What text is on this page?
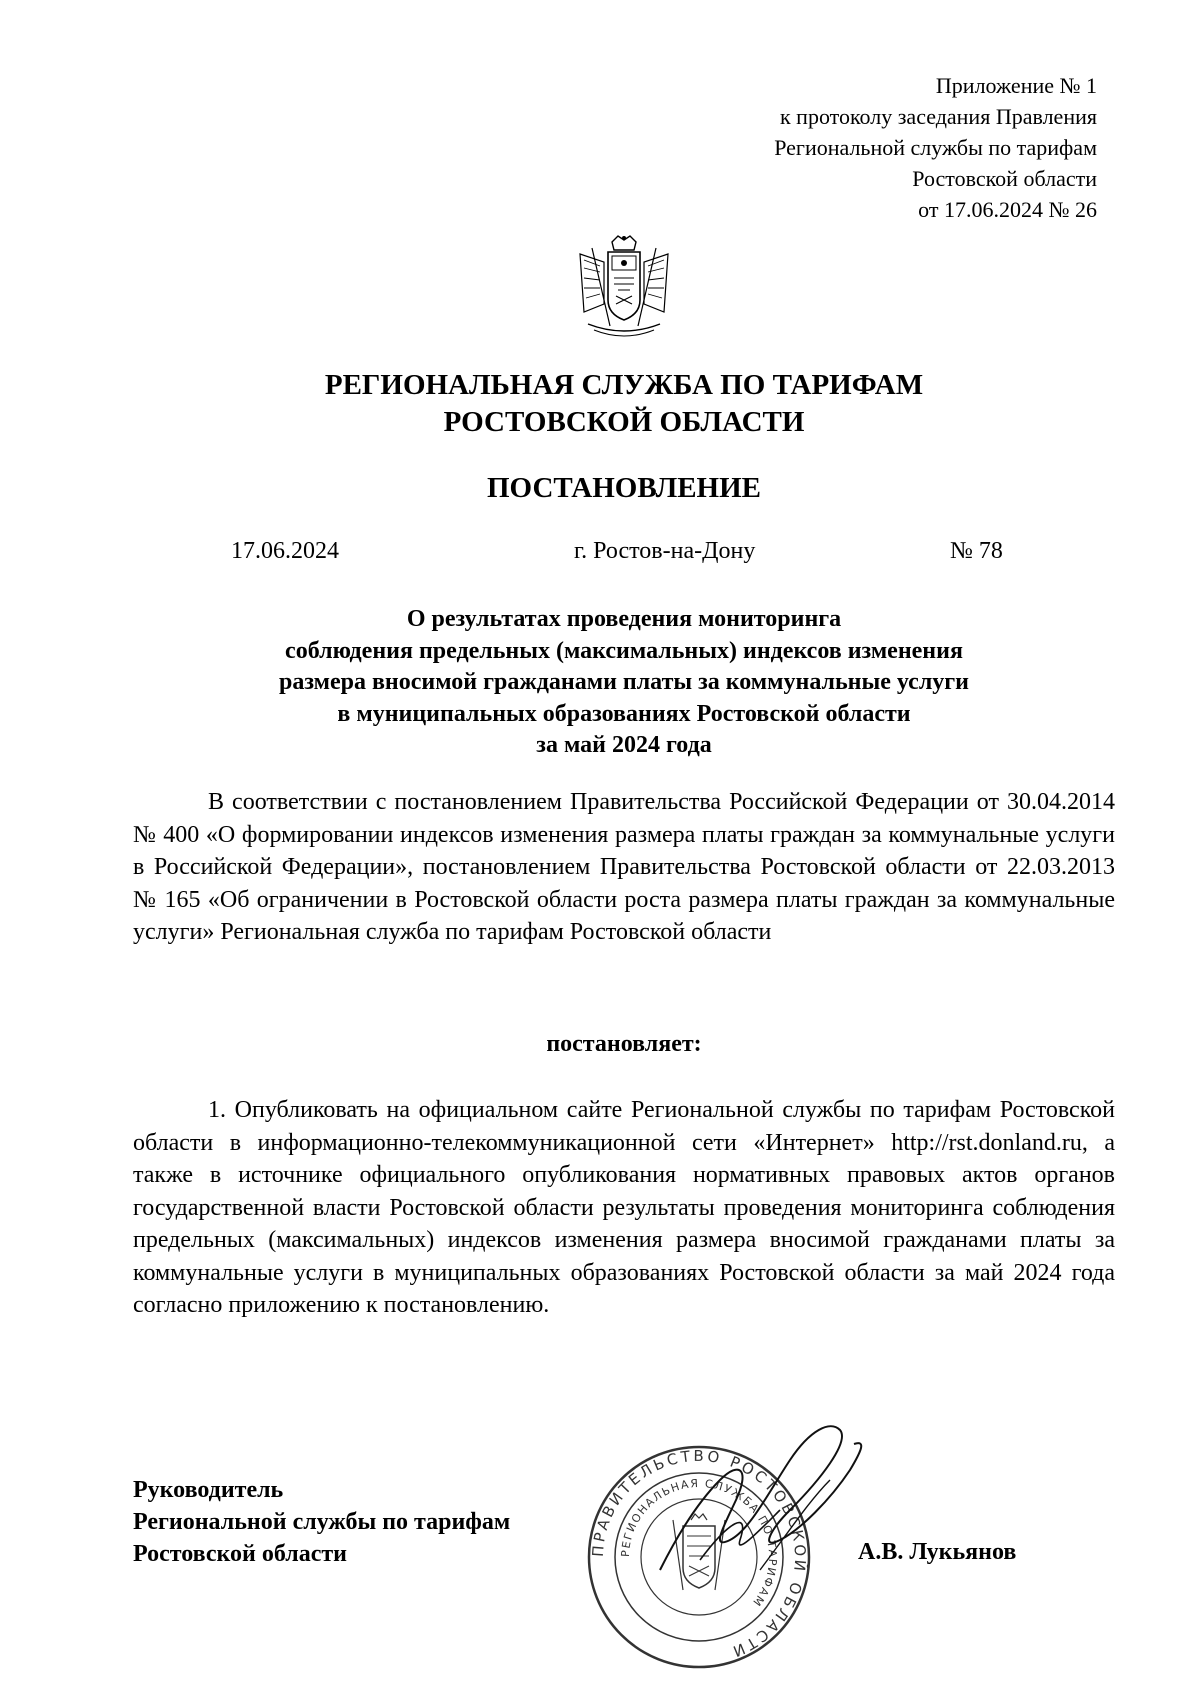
Приложение № 1
к протоколу заседания Правления
Региональной службы по тарифам
Ростовской области
от 17.06.2024 № 26
РЕГИОНАЛЬНАЯ СЛУЖБА ПО ТАРИФАМ
РОСТОВСКОЙ ОБЛАСТИ
ПОСТАНОВЛЕНИЕ
17.06.2024	г. Ростов-на-Дону	№ 78
О результатах проведения мониторинга
соблюдения предельных (максимальных) индексов изменения
размера вносимой гражданами платы за коммунальные услуги
в муниципальных образованиях Ростовской области
за май 2024 года
В соответствии с постановлением Правительства Российской Федерации от 30.04.2014 № 400 «О формировании индексов изменения размера платы граждан за коммунальные услуги в Российской Федерации», постановлением Правительства Ростовской области от 22.03.2013 № 165 «Об ограничении в Ростовской области роста размера платы граждан за коммунальные услуги» Региональная служба по тарифам Ростовской области
постановляет:
1. Опубликовать на официальном сайте Региональной службы по тарифам Ростовской области в информационно-телекоммуникационной сети «Интернет» http://rst.donland.ru, а также в источнике официального опубликования нормативных правовых актов органов государственной власти Ростовской области результаты проведения мониторинга соблюдения предельных (максимальных) индексов изменения размера вносимой гражданами платы за коммунальные услуги в муниципальных образованиях Ростовской области за май 2024 года согласно приложению к постановлению.
Руководитель
Региональной службы по тарифам
Ростовской области	ПРАВИТЕЛЬСТВО РОСТОВСКОЙ ОБЛАСТИ
РЕГИОНАЛЬНАЯ СЛУЖБА ПО ТАРИФАМ
А.В. Лукьянов
